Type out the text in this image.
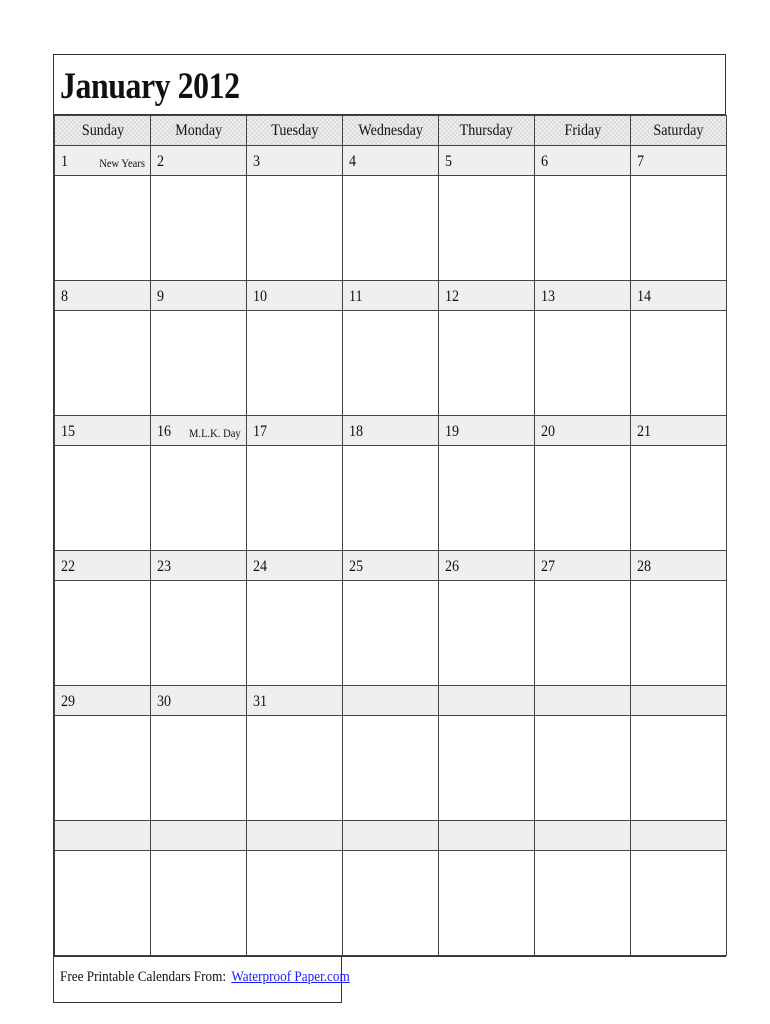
January 2012
Sunday	Monday	Tuesday	Wednesday	Thursday	Friday	Saturday

1 New Years	2	3	4	5	6	7

8	9	10	11	12	13	14

15	16 M.L.K. Day	17	18	19	20	21

22	23	24	25	26	27	28

29	30	31				

Free Printable Calendars From: Waterproof Paper.com
